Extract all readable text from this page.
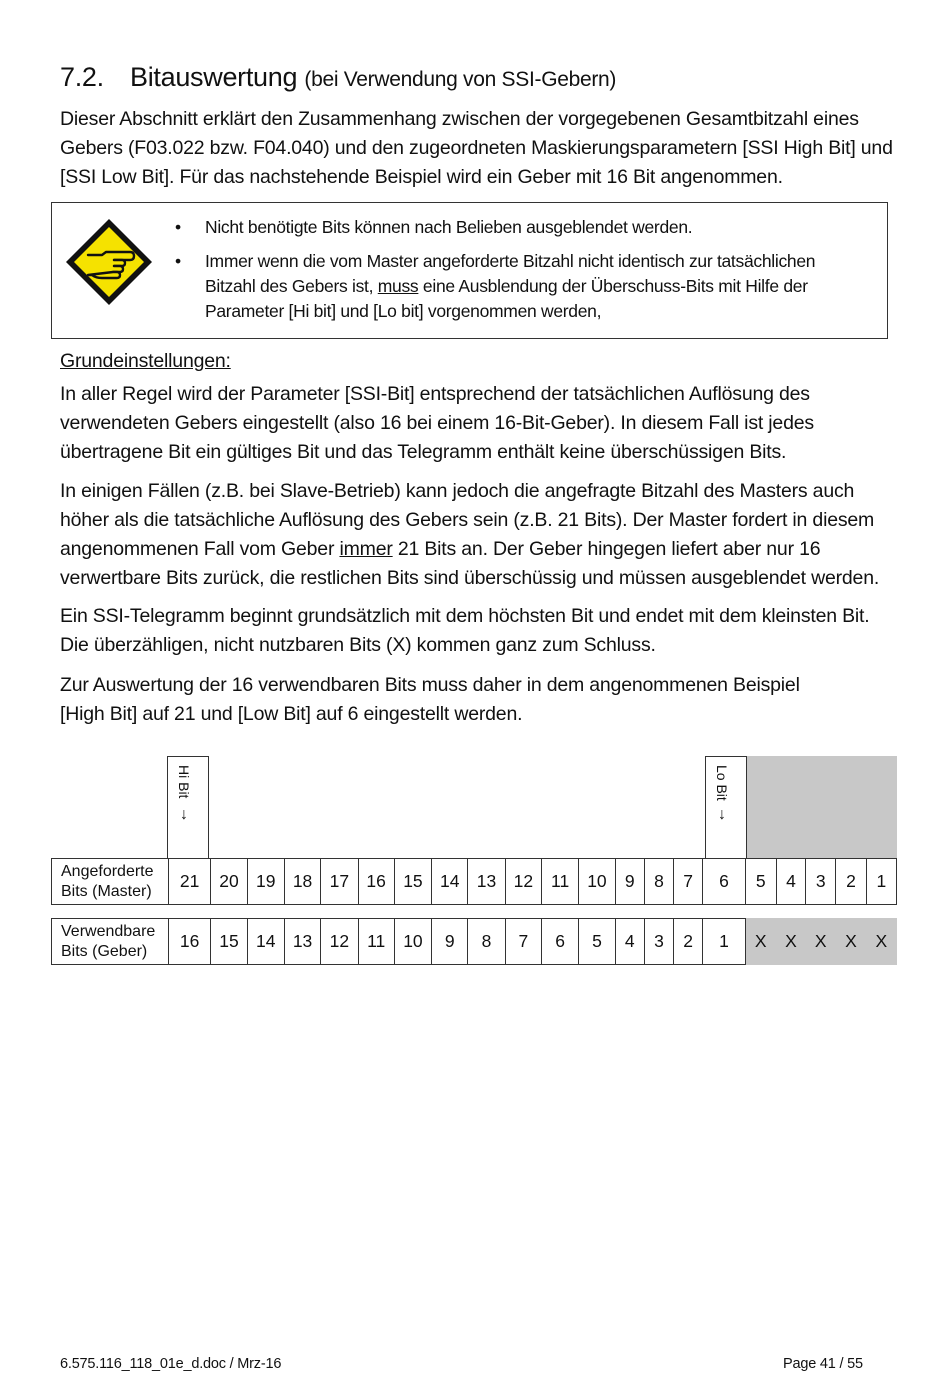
7.2. Bitauswertung (bei Verwendung von SSI-Gebern)
Dieser Abschnitt erklärt den Zusammenhang zwischen der vorgegebenen Gesamtbitzahl eines
Gebers (F03.022 bzw. F04.040) und den zugeordneten Maskierungsparametern [SSI High Bit] und
[SSI Low Bit]. Für das nachstehende Beispiel wird ein Geber mit 16 Bit angenommen.
• Nicht benötigte Bits können nach Belieben ausgeblendet werden.
• Immer wenn die vom Master angeforderte Bitzahl nicht identisch zur tatsächlichen
Bitzahl des Gebers ist, muss eine Ausblendung der Überschuss-Bits mit Hilfe der
Parameter [Hi bit] und [Lo bit] vorgenommen werden,
Grundeinstellungen:
In aller Regel wird der Parameter [SSI-Bit] entsprechend der tatsächlichen Auflösung des
verwendeten Gebers eingestellt (also 16 bei einem 16-Bit-Geber). In diesem Fall ist jedes
übertragene Bit ein gültiges Bit und das Telegramm enthält keine überschüssigen Bits.
In einigen Fällen (z.B. bei Slave-Betrieb) kann jedoch die angefragte Bitzahl des Masters auch
höher als die tatsächliche Auflösung des Gebers sein (z.B. 21 Bits). Der Master fordert in diesem
angenommenen Fall vom Geber immer 21 Bits an. Der Geber hingegen liefert aber nur 16
verwertbare Bits zurück, die restlichen Bits sind überschüssig und müssen ausgeblendet werden.
Ein SSI-Telegramm beginnt grundsätzlich mit dem höchsten Bit und endet mit dem kleinsten Bit.
Die überzähligen, nicht nutzbaren Bits (X) kommen ganz zum Schluss.
Zur Auswertung der 16 verwendbaren Bits muss daher in dem angenommenen Beispiel
[High Bit] auf 21 und [Low Bit] auf 6 eingestellt werden.
Hi Bit
↓
Lo Bit
↓
Angeforderte
Bits (Master)	21	20	19	18	17	16	15	14	13	12	11	10	9	8	7	6	5	4	3	2	1
Verwendbare
Bits (Geber)	16	15	14	13	12	11	10	9	8	7	6	5	4	3	2	1	X	X	X	X	X
6.575.116_118_01e_d.doc / Mrz-16	Page 41 / 55
